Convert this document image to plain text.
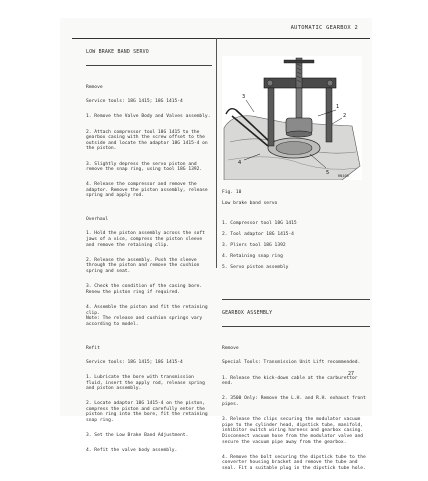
AUTOMATIC GEARBOX 2

LOW BRAKE BAND SERVO

Remove

Service tools: 18G 1415; 18G 1415-4

1. Remove the Valve Body and Valves assembly.

2. Attach compressor tool 18G 1415 to the gearbox casing with the screw offset to the outside and locate the adaptor 18G 1415-4 on the piston.

3. Slightly depress the servo piston and remove the snap ring, using tool 18G 1392.

4. Release the compressor and remove the adaptor. Remove the piston assembly, release spring and apply rod.

Overhaul

1. Hold the piston assembly across the soft jaws of a vice, compress the piston sleeve and remove the retaining clip.

2. Release the assembly. Push the sleeve through the piston and remove the cushion spring and seat.

3. Check the condition of the casing bore. Renew the piston ring if required.

4. Assemble the piston and fit the retaining clip.
Note: The release and cushion springs vary according to model.

Refit

Service tools: 18G 1415; 18G 1415-4

1. Lubricate the bore with transmission fluid, insert the apply rod, release spring and piston assembly.

2. Locate adaptor 18G 1415-4 on the piston, compress the piston and carefully enter the piston ring into the bore, fit the retaining snap ring.

3. Set the Low Brake Band Adjustment.

4. Refit the valve body assembly.

1
2
3
4
5 RN109

Fig. 10

Low brake band servo

1. Compressor tool 18G 1415

2. Tool adaptor 18G 1415-4

3. Pliers tool 18G 1392

4. Retaining snap ring

5. Servo piston assembly

GEARBOX ASSEMBLY

Remove

Special Tools: Transmission Unit Lift recommended.

1. Release the kick-down cable at the carburettor end.

2. 3500 Only: Remove the L.H. and R.H. exhaust front pipes.

3. Release the clips securing the modulator vacuum pipe to the cylinder head, dipstick tube, manifold, inhibitor switch wiring harness and gearbox casing. Disconnect vacuum hose from the modulator valve and secure the vacuum pipe away from the gearbox.

4. Remove the bolt securing the dipstick tube to the converter housing bracket and remove the tube and seal. Fit a suitable plug in the dipstick tube hole.

27
